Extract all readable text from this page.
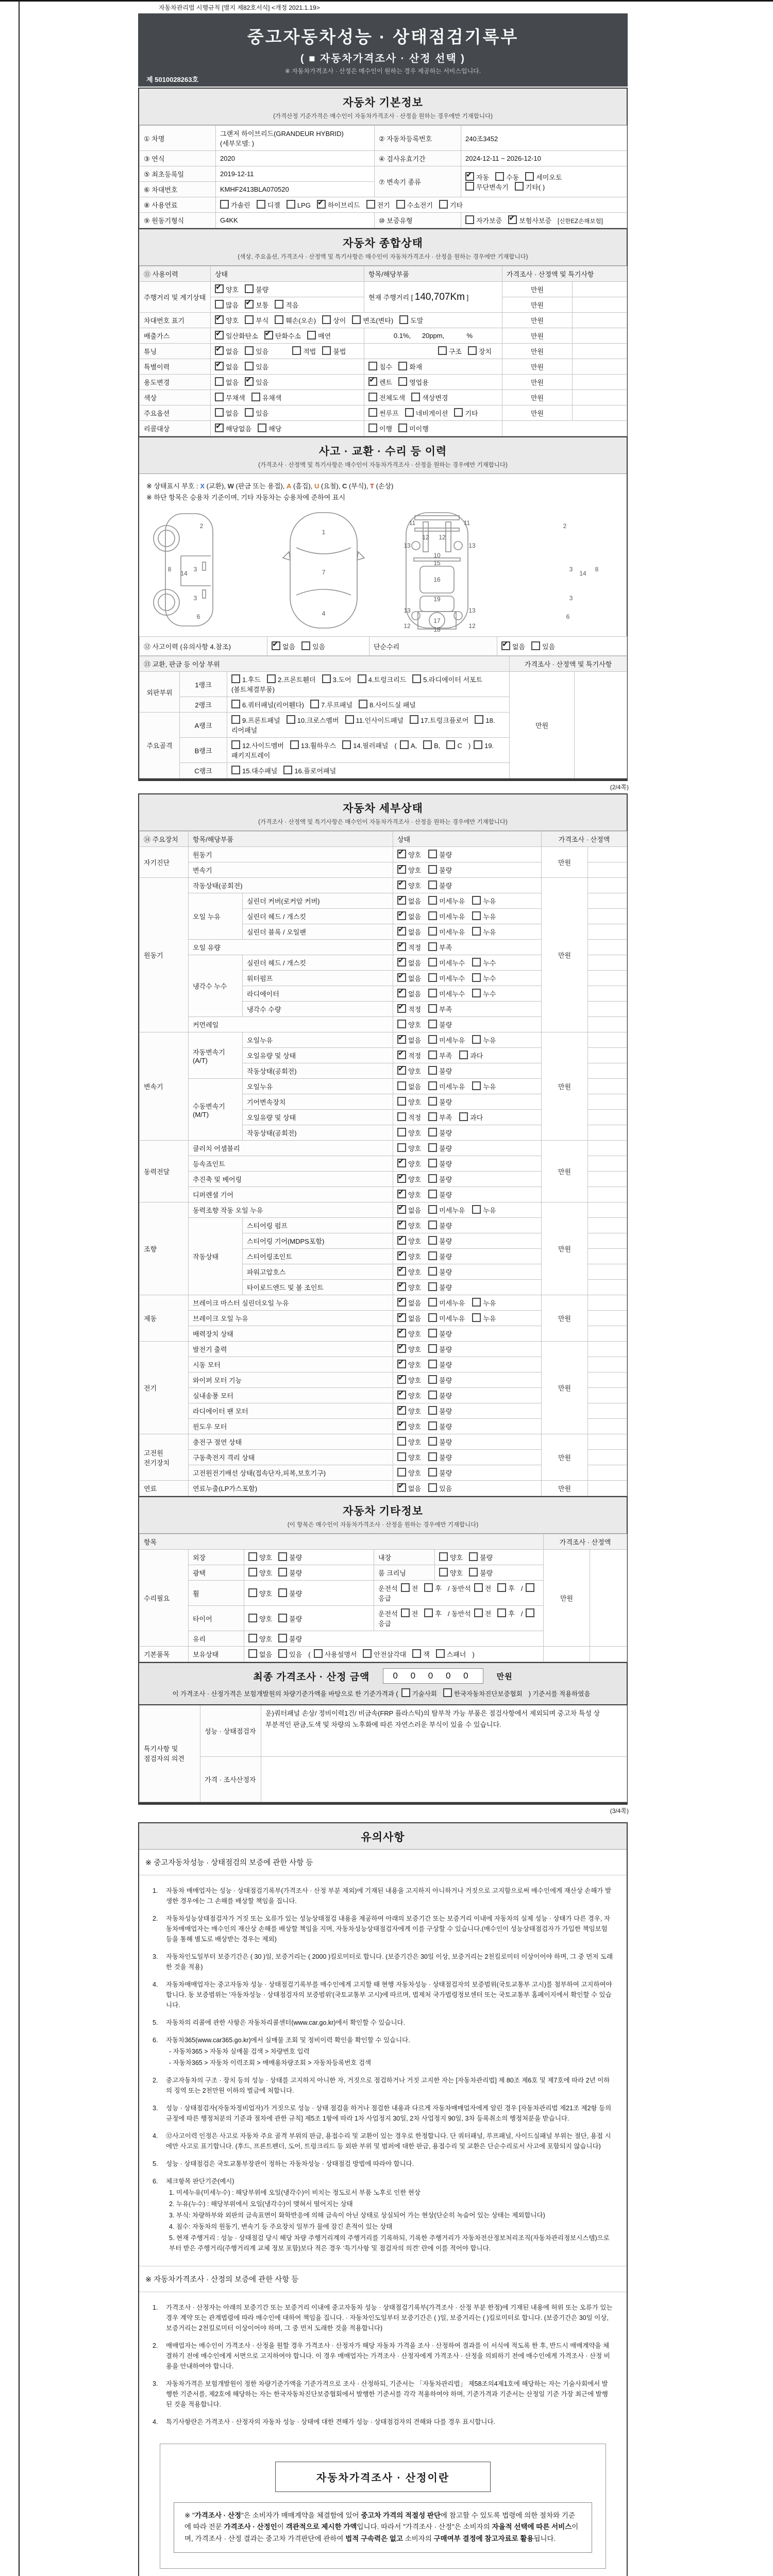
자동차관리법 시행규칙 [별지 제82호서식] <개정 2021.1.19>
중고자동차성능 · 상태점검기록부
( ■ 자동차가격조사 · 산정 선택 )
※ 자동차가격조사 · 산정은 매수인이 원하는 경우 제공하는 서비스입니다.
제 5010028263호
자동차 기본정보
(가격산정 기준가격은 매수인이 자동차가격조사 · 산정을 원하는 경우에만 기재합니다)
① 차명	그랜저 하이브리드(GRANDEUR HYBRID) (세부모델: )	② 자동차등록번호	240조3452
③ 연식	2020	④ 검사유효기간	2024-12-11 ~ 2026-12-10
⑤ 최초등록일	2019-12-11	⑦ 변속기 종류	✔자동 수동 세미오토
무단변속기 기타( )
⑥ 차대번호	KMHF2413BLA070520		
⑧ 사용연료	가솔린 디젤 LPG ✔ 하이브리드 전기 수소전기 기타
⑨ 원동기형식	G4KK	⑩ 보증유형	자가보증 ✔ 보험사보증 [신한EZ손해보험]
자동차 종합상태
(색상, 주요옵션, 가격조사 · 산정액 및 특기사항은 매수인이 자동차가격조사 · 산정을 원하는 경우에만 기재합니다)
⑪ 사용이력	상태	항목/해당부품	가격조사 · 산정액 및 특기사항	
주행거리 및 계기상태	✔양호 불량	현재 주행거리 [ 140,707Km ]	만원	
	많음 ✔ 보통 적음		만원	
차대번호 표기	✔양호 부식 훼손(오손) 상이 변조(변타) 도말		만원	
배출가스	✔일산화탄소 ✔ 탄화수소 매연	0.1%,      20ppm,            %	만원	
튜닝	✔없음 있음 적법 불법	구조 장치	만원	
특별이력	✔없음 있음	침수 화재	만원	
용도변경	없음 ✔ 있음	✔렌트 영업용	만원	
색상	무채색 유채색	전체도색 색상변경	만원	
주요옵션	없음 있음	썬루프 네비게이션 기타	만원	
리콜대상	✔해당없음 해당	이행 미이행		
사고 · 교환 · 수리 등 이력
(가격조사 · 산정액 및 특기사항은 매수인이 자동차가격조사 · 산정을 원하는 경우에만 기재합니다)
※ 상태표시 부호 : X (교환), W (판금 또는 용접), A (흠집), U (요철), C (부식), T (손상)
※ 하단 항목은 승용차 기준이며, 기타 자동차는 승용차에 준하여 표시
2
8	3
3
14
6
1
7
4
11	11
12 12
13	13
10
15
16
13	13
19
17
12	12
18
2
8
3
3
14
6
⑫ 사고이력 (유의사항 4.참조)	✔없음	있음	단순수리	✔없음	있음
⑬ 교환, 판금 등 이상 부위			가격조사 · 산정액 및 특기사항	
외판부위	1랭크	1.후드 2.프론트휀더 3.도어 4.트렁크리드 5.라디에이터 서포트(볼트체결부품)	만원	
	2랭크	6.쿼터패널(리어휀다) 7.루프패널 8.사이드실 패널		
주요골격	A랭크	9.프론트패널 10.크로스멤버 11.인사이드패널 17.트렁크플로어 18.리어패널		
	B랭크	12.사이드멤버 13.휠하우스 14.필러패널 ( A, B, C ) 19.패키지트레이		
	C랭크	15.대수패널 16.플로어패널		
(2/4쪽)
자동차 세부상태
(가격조사 · 산정액 및 특기사항은 매수인이 자동차가격조사 · 산정을 원하는 경우에만 기재합니다)
⑭ 주요장치	항목/해당부품		상태	가격조사 · 산정액	
자기진단	원동기	✔양호 불량	만원	
	변속기	✔양호 불량	
원동기	작동상태(공회전)	✔양호 불량	만원	
	오일 누유	실린더 커버(로커암 커버)	✔없음 미세누유 누유	
		실린더 헤드 / 개스킷	✔없음 미세누유 누유	
		실린더 블록 / 오일팬	✔없음 미세누유 누유	
	오일 유량	✔적정 부족	
	냉각수 누수	실린더 헤드 / 개스킷	✔없음 미세누수 누수	
		워터펌프	✔없음 미세누수 누수	
		라디에이터	✔없음 미세누수 누수	
		냉각수 수량	✔적정 부족	
	커먼레일		양호 불량		
변속기	자동변속기 (A/T)	오일누유	✔없음 미세누유 누유	만원	
		오일유량 및 상태	✔적정 부족 과다	
		작동상태(공회전)	✔양호 불량	
	수동변속기 (M/T)	오일누유	없음 미세누유 누유		
		기어변속장치	양호 불량		
		오일유량 및 상태	적정 부족 과다		
		작동상태(공회전)	양호 불량		
동력전달	클러치 어셈블리		양호 불량	만원	
	등속죠인트	✔양호 불량	
	추진축 및 베어링	✔양호 불량	
	디퍼렌셜 기어	✔양호 불량	
조향	동력조향 작동 오일 누유	✔없음 미세누유 누유	만원	
	작동상태	스티어링 펌프	✔양호 불량	
		스티어링 기어(MDPS포함)	✔양호 불량	
		스티어링조인트	✔양호 불량	
		파워고압호스	✔양호 불량	
		타이로드엔드 및 볼 조인트	✔양호 불량	
제동	브레이크 마스터 실린더오일 누유	✔없음 미세누유 누유	만원	
	브레이크 오일 누유	✔없음 미세누유 누유	
	배력장치 상태	✔양호 불량	
전기	발전기 출력	✔양호 불량	만원	
	시동 모터	✔양호 불량	
	와이퍼 모터 기능	✔양호 불량	
	실내송풍 모터	✔양호 불량	
	라디에이터 팬 모터	✔양호 불량	
	윈도우 모터	✔양호 불량	
고전원 전기장치	충전구 절연 상태		양호 불량	만원	
	구동축전지 격리 상태		양호 불량		
	고전원전기배선 상태(접속단자,피복,보호기구)		양호 불량		
연료	연료누출(LP가스포함)	✔없음 있음	만원	
자동차 기타정보
(이 항목은 매수인이 자동차가격조사 · 산정을 원하는 경우에만 기재합니다)
항목					가격조사 · 산정액	
수리필요	외장	양호 불량	내장	양호 불량	만원	
	광택	양호 불량	룸 크리닝	양호 불량		
	휠	양호 불량	운전석 전 후 / 동반석 전 후 /응급			
	타이어	양호 불량	운전석 전 후 / 동반석 전 후 /응급			
	유리	양호 불량				
기본품목	보유상태	없음 있음 ( 사용설명서 안전삼각대 잭 스패너 )				
최종 가격조사 · 산정 금액	0 0 0 0 0	만원
이 가격조사 · 산정가격은 보험개발원의 차량기준가액을 바탕으로 한 기준가격과 ( 기술사회	한국자동차진단보증협회 ) 기준서를 적용하였음
특기사항 및 점검자의 의견	성능 · 상태점검자	운)쿼터패널 손상/ 정비이력1건/ 비금속(FRP 플라스틱)의 탈부착 가능 부품은 점검사항에서 제외되며 중고차 특성 상 부분적인 판금,도색 및 차량의 노후화에 따른 자연스러운 부식이 있을 수 있습니다.
	가격 · 조사산정자	
(3/4쪽)
유의사항
※ 중고자동차성능 · 상태점검의 보증에 관한 사항 등
1.	자동차 매매업자는 성능 · 상태점검기록부(가격조사 · 산정 부분 제외)에 기재된 내용을 고지하지 아니하거나 거짓으로 고지함으로써 매수인에게 재산상 손해가 발생한 경우에는 그 손해를 배상할 책임을 집니다.
2.	자동차성능상태점검자가 거짓 또는 오류가 있는 성능상태점검 내용을 제공하여 아래의 보증기간 또는 보증거리 이내에 자동차의 실제 성능 · 상태가 다른 경우, 자동차매매업자는 매수인의 재산상 손해를 배상할 책임을 지며, 자동차성능상태점검자에게 이를 구상할 수 있습니다.(매수인이 성능상태점검자가 가입한 책임보험 등을 통해 별도로 배상받는 경우는 제외)
3.	자동차인도일부터 보증기간은 ( 30 )일, 보증거리는 ( 2000 )킬로미터로 합니다. (보증기간은 30일 이상, 보증거리는 2천킬로미터 이상이어야 하며, 그 중 먼저 도래한 것을 적용)
4.	자동차매매업자는 중고자동차 성능 · 상태점검기록부를 매수인에게 고지할 때 현행 자동차성능 · 상태점검자의 보증범위(국토교통부 고시)를 첨부하여 고지하여야 합니다. 동 보증범위는 '자동차성능 · 상태점검자의 보증범위'(국토교통부 고시)에 따르며, 법제처 국가법령정보센터 또는 국토교통부 홈페이지에서 확인할 수 있습니다.
5.	자동차의 리콜에 관한 사항은 자동차리콜센터(www.car.go.kr)에서 확인할 수 있습니다.
6.	자동차365(www.car365.go.kr)에서 실매물 조회 및 정비이력 확인을 확인할 수 있습니다.
- 자동차365 > 자동차 실매물 검색 > 차량번호 입력
- 자동차365 > 자동차 이력조회 > 매매용차량조회 > 자동차등록번호 검색
2.	중고자동차의 구조 · 장치 등의 성능 · 상태를 고지하지 아니한 자, 거짓으로 점검하거나 거짓 고지한 자는 [자동차관리법] 제 80조 제6호 및 제7호에 따라 2년 이하의 징역 또는 2천만원 이하의 벌금에 처합니다.
3.	성능 · 상태점검자(자동차정비업자)가 거짓으로 성능 · 상태 점검을 하거나 점검한 내용과 다르게 자동차매매업자에게 알린 경우 [자동차관리법 제21조 제2항 등의 규정에 따른 행정처분의 기준과 절차에 관한 규칙] 제5조 1항에 따라 1차 사업정지 30일, 2차 사업정지 90일, 3차 등록취소의 행정처분을 받습니다.
4.	⑫사고이력 인정은 사고로 자동차 주요 골격 부위의 판금, 용접수리 및 교환이 있는 경우로 한정합니다. 단 쿼터패널, 루프패널, 사이드실패널 부위는 절단, 용접 시에만 사고로 표기합니다. (후드, 프론트펜더, 도어, 트렁크리드 등 외판 부위 및 범퍼에 대한 판금, 용접수리 및 교환은 단순수리로서 사고에 포함되지 않습니다)
5.	성능 · 상태점검은 국토교통부장관이 정하는 자동차성능 · 상태점검 방법에 따라야 합니다.
6.	체크항목 판단기준(예시)
1. 미세누유(미세누수) : 해당부위에 오일(냉각수)이 비치는 정도로서 부품 노후로 인한 현상
2. 누유(누수) : 해당부위에서 오일(냉각수)이 맺혀서 떨어지는 상태
3. 부식: 차량하부와 외판의 금속표면이 화학반응에 의해 금속이 아닌 상태로 상실되어 가는 현상(단순히 녹슬어 있는 상태는 제외합니다)
4. 침수: 자동차의 원동기, 변속기 등 주요장치 일부가 물에 잠긴 흔적이 있는 상태
5. 현재 주행거리 : 성능 · 상태점검 당시 해당 차량 주행거리계의 주행거리를 기록하되, 기록한 주행거리가 자동차전산정보처리조직(자동차관리정보시스템)으로부터 받은 주행거리(주행거리계 교체 정보 포함)보다 적은 경우 '특기사항 및 점검자의 의견' 란에 이를 적어야 합니다.
※ 자동차가격조사 · 산정의 보증에 관한 사항 등
1.	가격조사 · 산정자는 아래의 보증기간 또는 보증거리 이내에 중고자동차 성능 · 상태점검기록부(가격조사 · 산정 부분 한정)에 기재된 내용에 허위 또는 오류가 있는 경우 계약 또는 관계법령에 따라 매수인에 대하여 책임을 집니다. · 자동차인도일부터 보증기간은 ( )일, 보증거리는 ( )킬로미터로 합니다. (보증기간은 30일 이상, 보증거리는 2천킬로미터 이상이어야 하며, 그 중 먼저 도래한 것을 적용합니다)
2.	매매업자는 매수인이 가격조사 · 산정을 원할 경우 가격조사 · 산정자가 해당 자동차 가격을 조사 · 산정하여 결과를 이 서식에 적도록 한 후, 반드시 매매계약을 체결하기 전에 매수인에게 서면으로 고지하여야 합니다. 이 경우 매매업자는 가격조사 · 산정자에게 가격조사 · 산정을 의뢰하기 전에 매수인에게 가격조사 · 산정 비용을 안내하여야 합니다.
3.	자동차가격은 보험개발원이 정한 차량기준가액을 기준가격으로 조사 · 산정하되, 기준서는 「자동차관리법」 제58조의4제1호에 해당하는 자는 기술사회에서 발행한 기준서를, 제2호에 해당하는 자는 한국자동차진단보증협회에서 발행한 기준서를 각각 적용하여야 하며, 기준가격과 기준서는 산정일 기준 가장 최근에 발행된 것을 적용합니다.
4.	특기사항란은 가격조사 · 산정자의 자동차 성능 · 상태에 대한 견해가 성능 · 상태점검자의 견해와 다를 경우 표시합니다.
자동차가격조사 · 산정이란
※ "가격조사 · 산정"은 소비자가 매매계약을 체결함에 있어 중고차 가격의 적절성 판단에 참고할 수 있도록 법령에 의한 절차와 기준에 따라 전문 가격조사 · 산정인이 객관적으로 제시한 가액입니다. 따라서 "가격조사 · 산정"은 소비자의 자율적 선택에 따른 서비스이며, 가격조사 · 산정 결과는 중고차 가격판단에 관하여 법적 구속력은 없고 소비자의 구매여부 결정에 참고자료로 활용됩니다.
